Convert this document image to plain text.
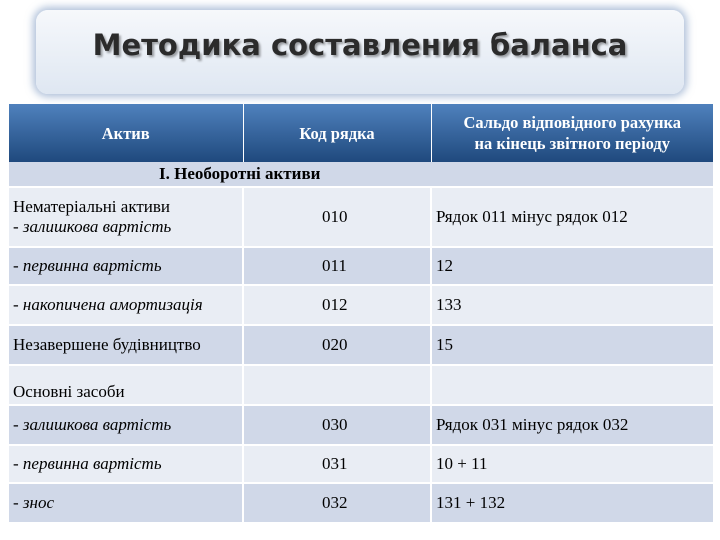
Методика составления баланса
Актив	Код рядка	Сальдо відповідного рахунка
на кінець звітного періоду
І. Необоротні активи		
Нематеріальні активи
- залишкова вартість	010	Рядок 011 мінус рядок 012
- первинна вартість	011	12
- накопичена амортизація	012	133
Незавершене будівництво	020	15
Основні засоби		
- залишкова вартість	030	Рядок 031 мінус рядок 032
- первинна вартість	031	10 + 11
- знос	032	131 + 132
